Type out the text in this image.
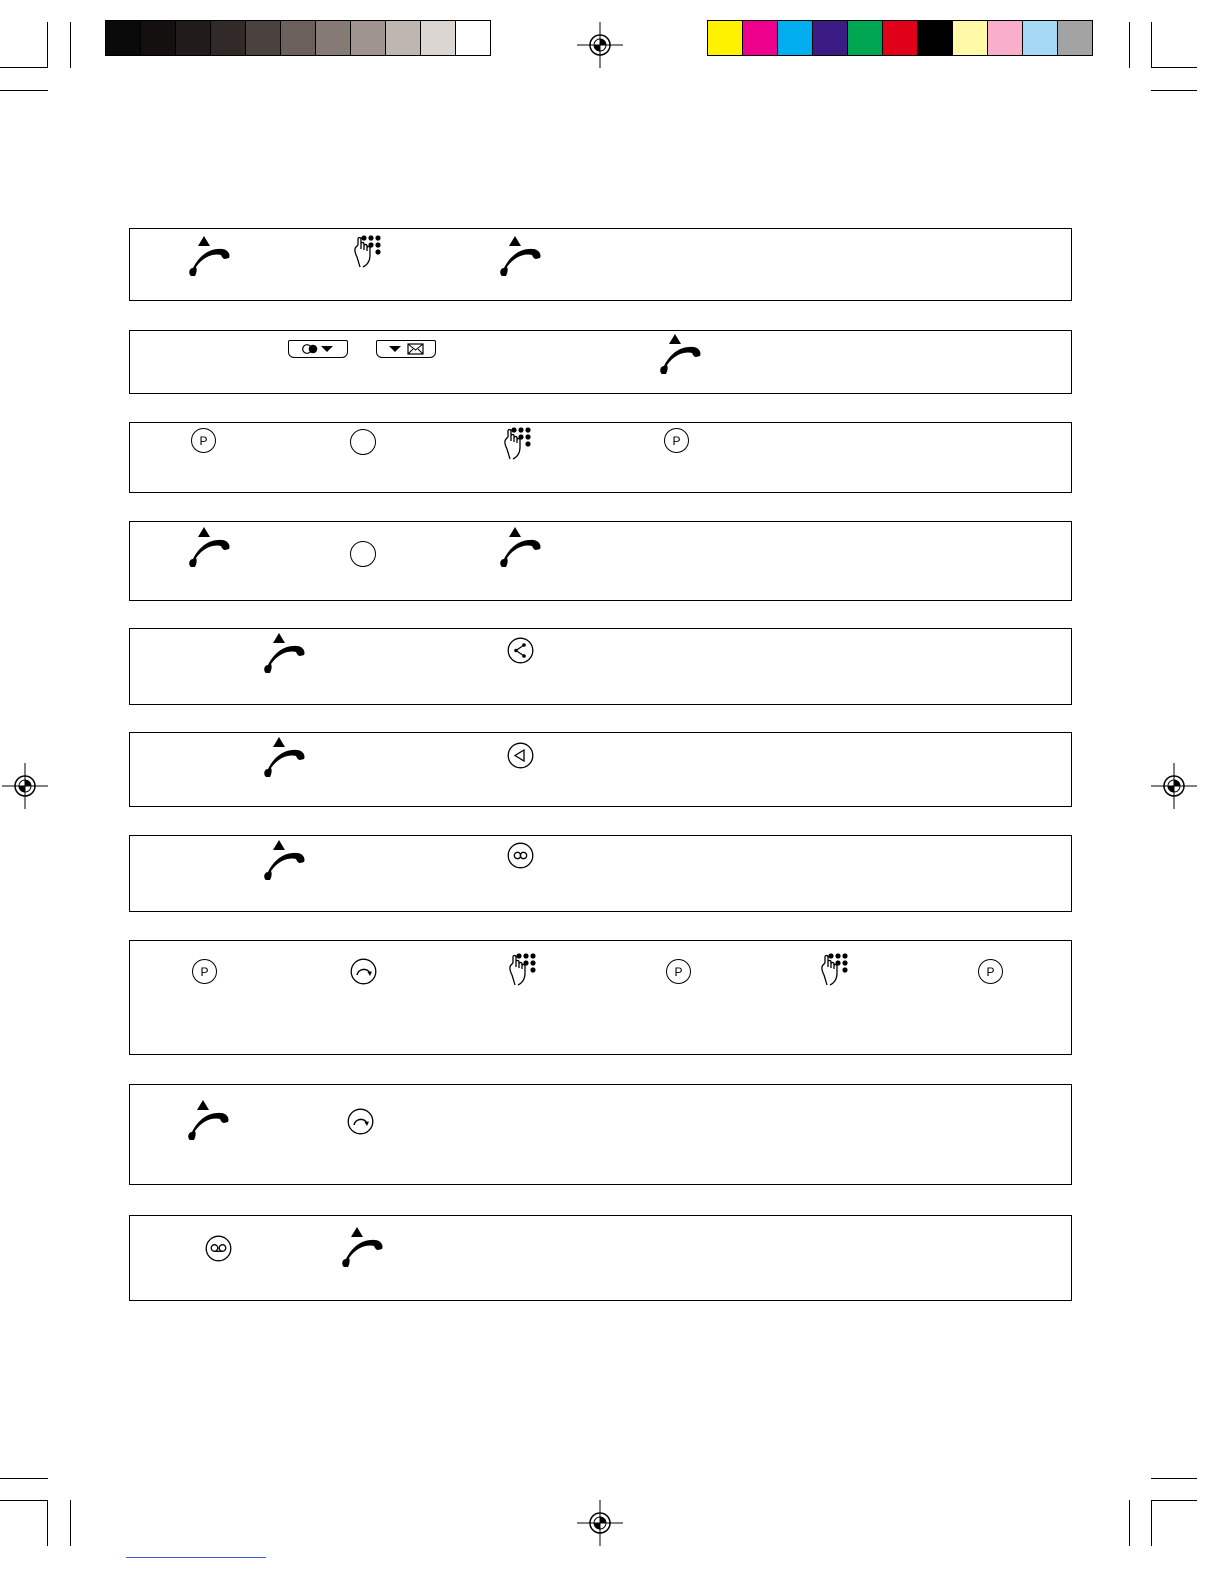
P	P
P	P	P
